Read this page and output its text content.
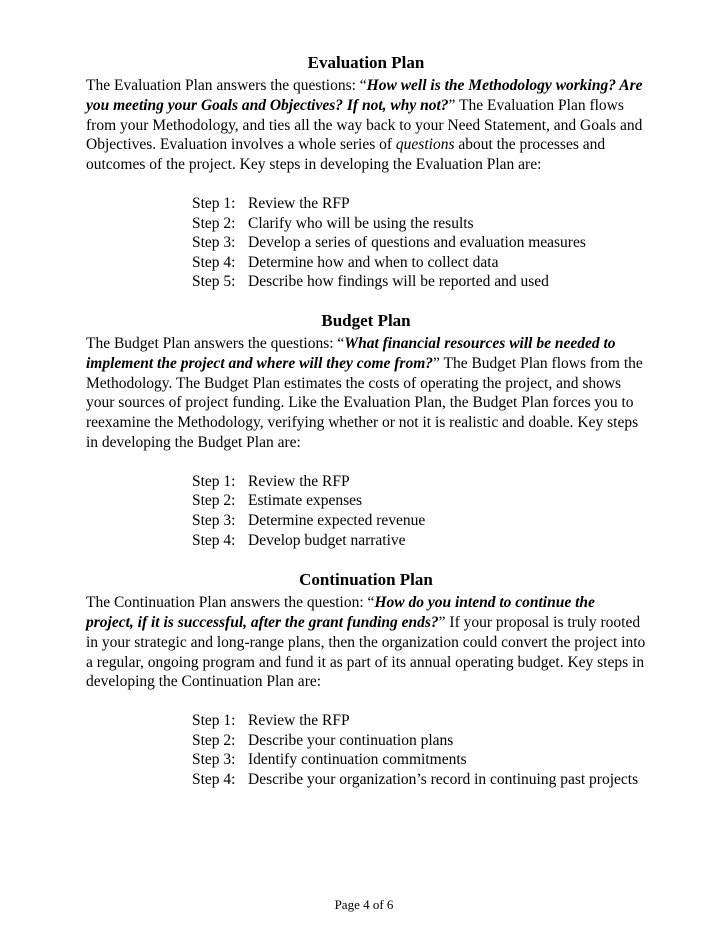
Evaluation Plan

The Evaluation Plan answers the questions: “How well is the Methodology working? Are you meeting your Goals and Objectives? If not, why not?” The Evaluation Plan flows from your Methodology, and ties all the way back to your Need Statement, and Goals and Objectives. Evaluation involves a whole series of questions about the processes and outcomes of the project. Key steps in developing the Evaluation Plan are:

Step 1: Review the RFP
Step 2: Clarify who will be using the results
Step 3: Develop a series of questions and evaluation measures
Step 4: Determine how and when to collect data
Step 5: Describe how findings will be reported and used
Budget Plan

The Budget Plan answers the questions: “What financial resources will be needed to implement the project and where will they come from?” The Budget Plan flows from the Methodology. The Budget Plan estimates the costs of operating the project, and shows your sources of project funding. Like the Evaluation Plan, the Budget Plan forces you to reexamine the Methodology, verifying whether or not it is realistic and doable. Key steps in developing the Budget Plan are:

Step 1: Review the RFP
Step 2: Estimate expenses
Step 3: Determine expected revenue
Step 4: Develop budget narrative
Continuation Plan

The Continuation Plan answers the question: “How do you intend to continue the project, if it is successful, after the grant funding ends?” If your proposal is truly rooted in your strategic and long-range plans, then the organization could convert the project into a regular, ongoing program and fund it as part of its annual operating budget. Key steps in developing the Continuation Plan are:

Step 1: Review the RFP
Step 2: Describe your continuation plans
Step 3: Identify continuation commitments
Step 4: Describe your organization’s record in continuing past projects
Page 4 of 6
